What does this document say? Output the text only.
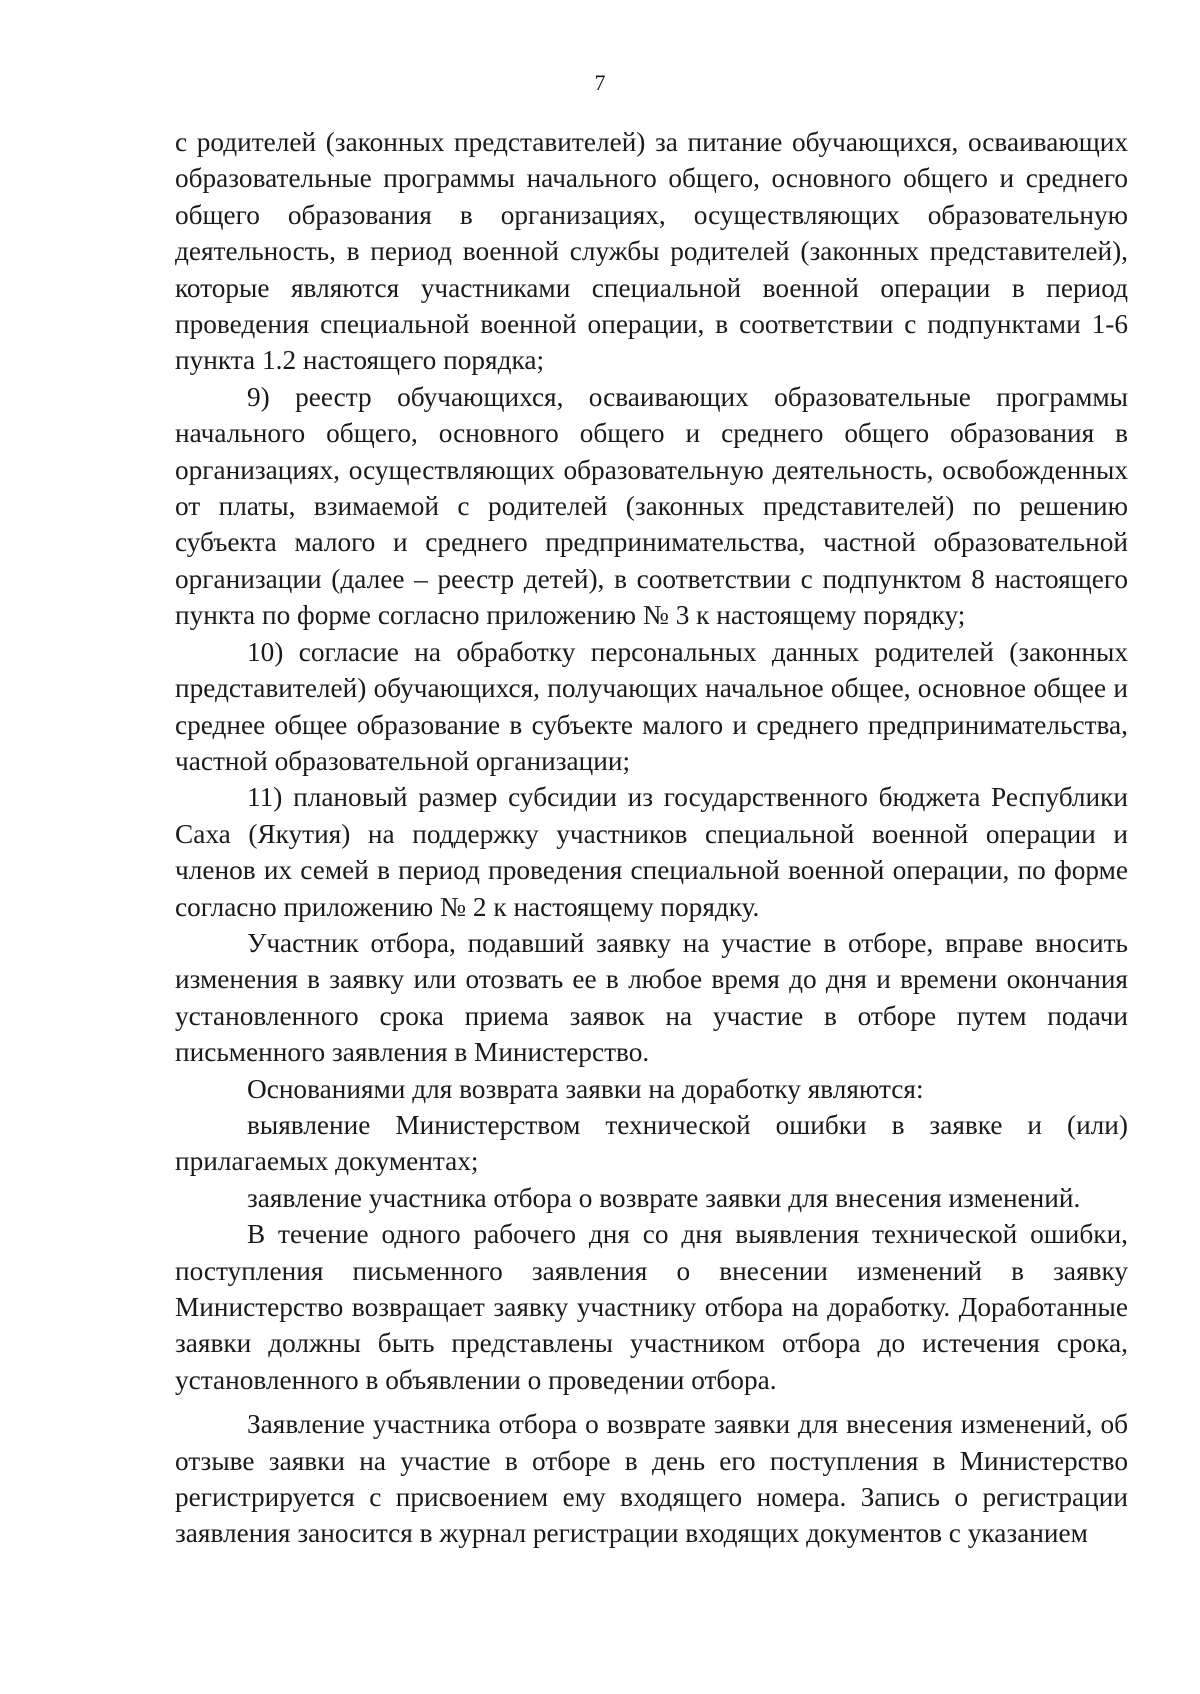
7

с родителей (законных представителей) за питание обучающихся, осваивающих образовательные программы начального общего, основного общего и среднего общего образования в организациях, осуществляющих образовательную деятельность, в период военной службы родителей (законных представителей), которые являются участниками специальной военной операции в период проведения специальной военной операции, в соответствии с подпунктами 1-6 пункта 1.2 настоящего порядка;

9) реестр обучающихся, осваивающих образовательные программы начального общего, основного общего и среднего общего образования в организациях, осуществляющих образовательную деятельность, освобожденных от платы, взимаемой с родителей (законных представителей) по решению субъекта малого и среднего предпринимательства, частной образовательной организации (далее – реестр детей), в соответствии с подпунктом 8 настоящего пункта по форме согласно приложению № 3 к настоящему порядку;

10) согласие на обработку персональных данных родителей (законных представителей) обучающихся, получающих начальное общее, основное общее и среднее общее образование в субъекте малого и среднего предпринимательства, частной образовательной организации;

11) плановый размер субсидии из государственного бюджета Республики Саха (Якутия) на поддержку участников специальной военной операции и членов их семей в период проведения специальной военной операции, по форме согласно приложению № 2 к настоящему порядку.

Участник отбора, подавший заявку на участие в отборе, вправе вносить изменения в заявку или отозвать ее в любое время до дня и времени окончания установленного срока приема заявок на участие в отборе путем подачи письменного заявления в Министерство.

Основаниями для возврата заявки на доработку являются:

выявление Министерством технической ошибки в заявке и (или) прилагаемых документах;

заявление участника отбора о возврате заявки для внесения изменений.

В течение одного рабочего дня со дня выявления технической ошибки, поступления письменного заявления о внесении изменений в заявку Министерство возвращает заявку участнику отбора на доработку. Доработанные заявки должны быть представлены участником отбора до истечения срока, установленного в объявлении о проведении отбора.

Заявление участника отбора о возврате заявки для внесения изменений, об отзыве заявки на участие в отборе в день его поступления в Министерство регистрируется с присвоением ему входящего номера. Запись о регистрации заявления заносится в журнал регистрации входящих документов с указанием
